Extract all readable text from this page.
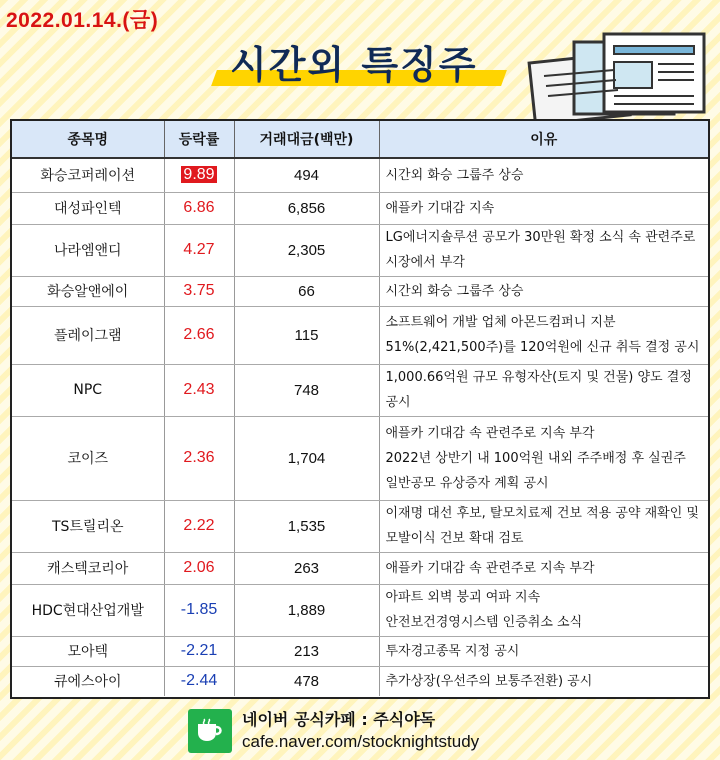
2022.01.14.(금)
시간외 특징주
종목명	등락률	거래대금(백만)	이유
화승코퍼레이션	9.89	494	시간외 화승 그룹주 상승

대성파인텍	6.86	6,856	애플카 기대감 지속

나라엠앤디	4.27	2,305	LG에너지솔루션 공모가 30만원 확정 소식 속 관련주로
시장에서 부각

화승알앤에이	3.75	66	시간외 화승 그룹주 상승

플레이그램	2.66	115	소프트웨어 개발 업체 아몬드컴퍼니 지분
51%(2,421,500주)를 120억원에 신규 취득 결정 공시

NPC	2.43	748	1,000.66억원 규모 유형자산(토지 및 건물) 양도 결정
공시

코이즈	2.36	1,704	애플카 기대감 속 관련주로 지속 부각
2022년 상반기 내 100억원 내외 주주배정 후 실권주
일반공모 유상증자 계획 공시

TS트릴리온	2.22	1,535	이재명 대선 후보, 탈모치료제 건보 적용 공약 재확인 및
모발이식 건보 확대 검토

캐스텍코리아	2.06	263	애플카 기대감 속 관련주로 지속 부각

HDC현대산업개발	-1.85	1,889	아파트 외벽 붕괴 여파 지속
안전보건경영시스템 인증취소 소식

모아텍	-2.21	213	투자경고종목 지정 공시

큐에스아이	-2.44	478	추가상장(우선주의 보통주전환) 공시
네이버 공식카페 : 주식야독
cafe.naver.com/stocknightstudy
